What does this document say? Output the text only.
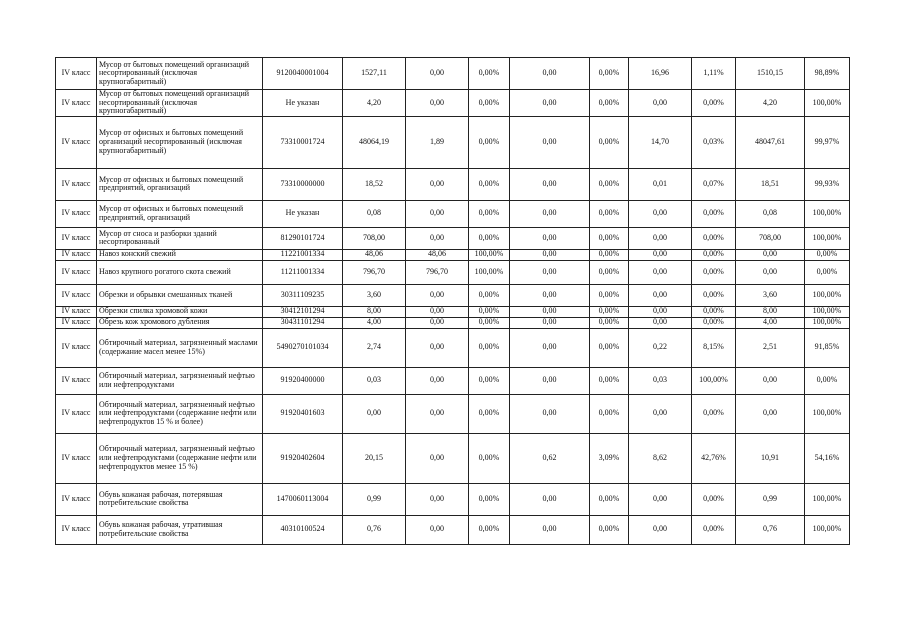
IV класс	Мусор от бытовых помещений организаций несортированный (исключая крупногабаритный)	9120040001004	1527,11	0,00	0,00%	0,00	0,00%	16,96	1,11%	1510,15	98,89%
IV класс	Мусор от бытовых помещений организаций несортированный (исключая крупногабаритный)	Не указан	4,20	0,00	0,00%	0,00	0,00%	0,00	0,00%	4,20	100,00%
IV класс	Мусор от офисных и бытовых помещений организаций несортированный (исключая крупногабаритный)	73310001724	48064,19	1,89	0,00%	0,00	0,00%	14,70	0,03%	48047,61	99,97%
IV класс	Мусор от офисных и бытовых помещений предприятий, организаций	73310000000	18,52	0,00	0,00%	0,00	0,00%	0,01	0,07%	18,51	99,93%
IV класс	Мусор от офисных и бытовых помещений предприятий, организаций	Не указан	0,08	0,00	0,00%	0,00	0,00%	0,00	0,00%	0,08	100,00%
IV класс	Мусор от сноса и разборки зданий несортированный	81290101724	708,00	0,00	0,00%	0,00	0,00%	0,00	0,00%	708,00	100,00%
IV класс	Навоз конский свежий	11221001334	48,06	48,06	100,00%	0,00	0,00%	0,00	0,00%	0,00	0,00%
IV класс	Навоз крупного рогатого скота свежий	11211001334	796,70	796,70	100,00%	0,00	0,00%	0,00	0,00%	0,00	0,00%
IV класс	Обрезки и обрывки смешанных тканей	30311109235	3,60	0,00	0,00%	0,00	0,00%	0,00	0,00%	3,60	100,00%
IV класс	Обрезки спилка хромовой кожи	30412101294	8,00	0,00	0,00%	0,00	0,00%	0,00	0,00%	8,00	100,00%
IV класс	Обрезь кож хромового дубления	30431101294	4,00	0,00	0,00%	0,00	0,00%	0,00	0,00%	4,00	100,00%
IV класс	Обтирочный материал, загрязненный маслами (содержание масел менее 15%)	5490270101034	2,74	0,00	0,00%	0,00	0,00%	0,22	8,15%	2,51	91,85%
IV класс	Обтирочный материал, загрязненный нефтью или нефтепродуктами	91920400000	0,03	0,00	0,00%	0,00	0,00%	0,03	100,00%	0,00	0,00%
IV класс	Обтирочный материал, загрязненный нефтью или нефтепродуктами (содержание нефти или нефтепродуктов 15 % и более)	91920401603	0,00	0,00	0,00%	0,00	0,00%	0,00	0,00%	0,00	100,00%
IV класс	Обтирочный материал, загрязненный нефтью или нефтепродуктами (содержание нефти или нефтепродуктов менее 15 %)	91920402604	20,15	0,00	0,00%	0,62	3,09%	8,62	42,76%	10,91	54,16%
IV класс	Обувь кожаная рабочая, потерявшая потребительские свойства	1470060113004	0,99	0,00	0,00%	0,00	0,00%	0,00	0,00%	0,99	100,00%
IV класс	Обувь кожаная рабочая, утратившая потребительские свойства	40310100524	0,76	0,00	0,00%	0,00	0,00%	0,00	0,00%	0,76	100,00%
